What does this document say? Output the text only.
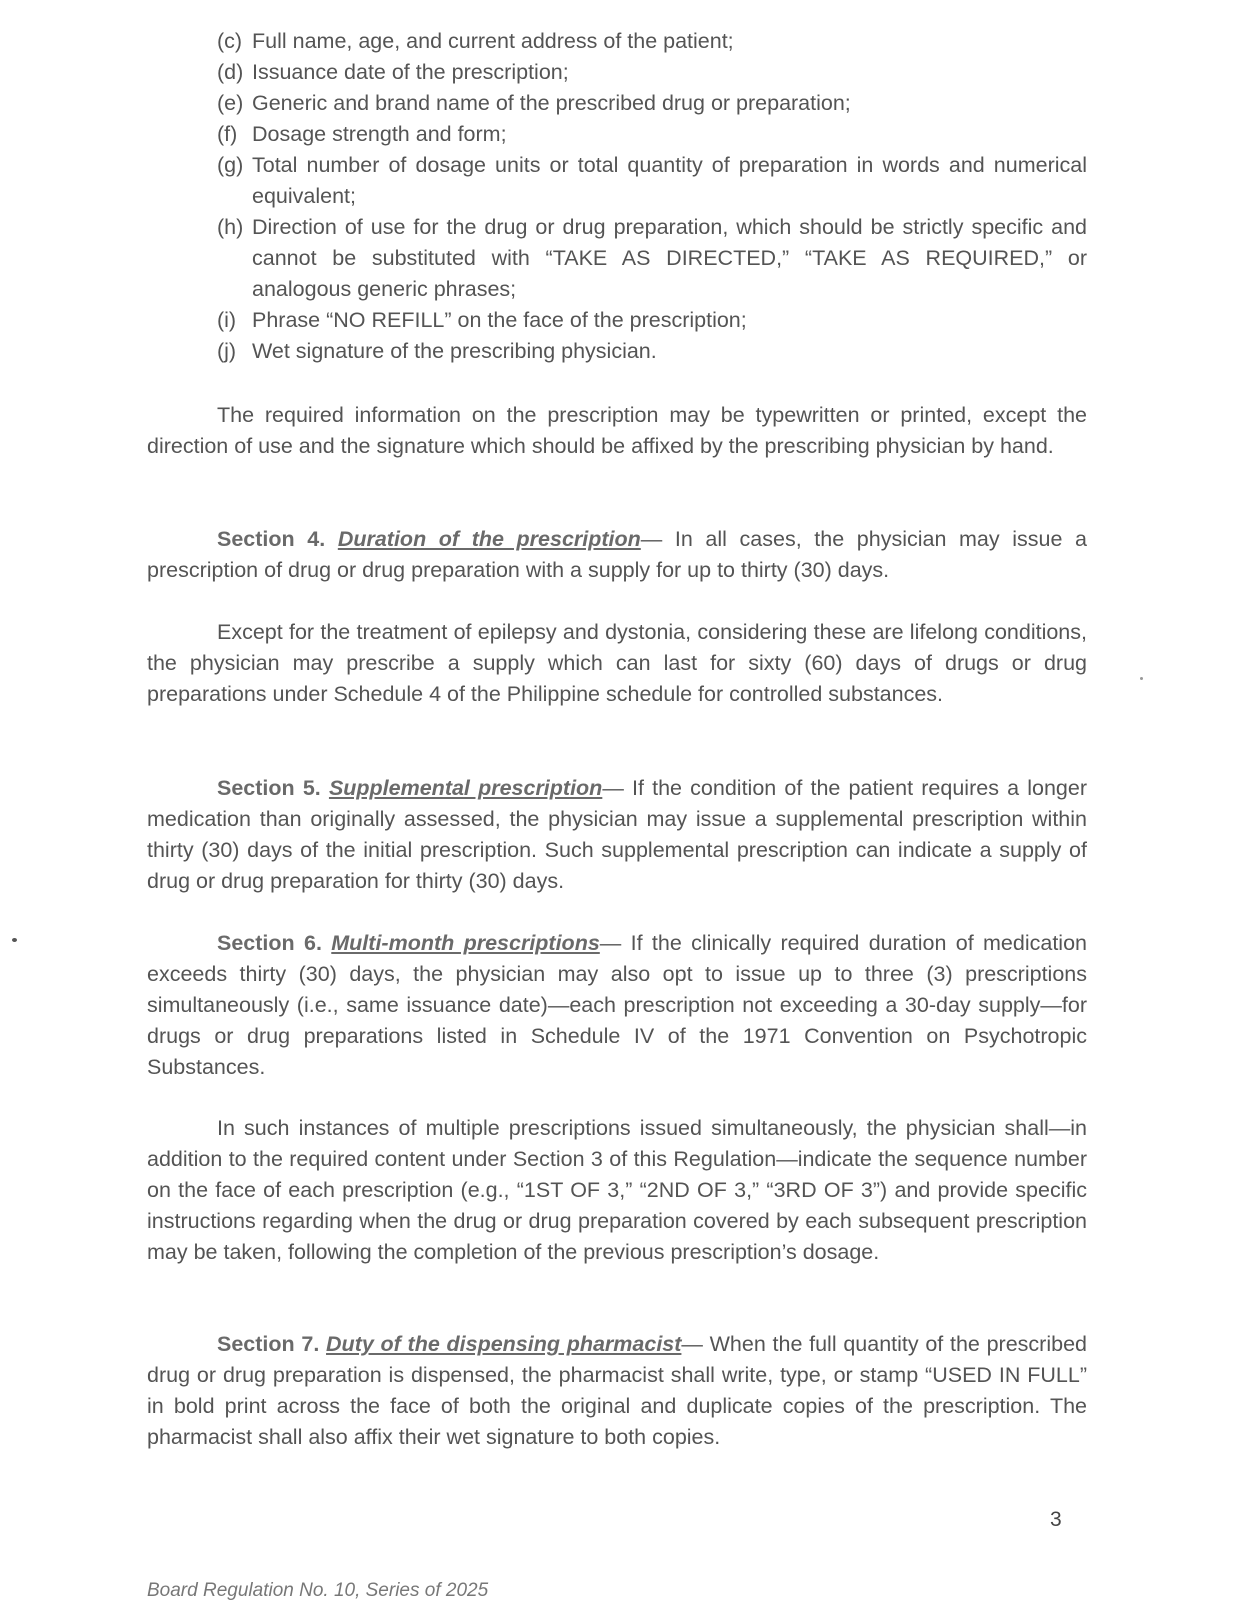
(c) Full name, age, and current address of the patient;
(d) Issuance date of the prescription;
(e) Generic and brand name of the prescribed drug or preparation;
(f) Dosage strength and form;
(g) Total number of dosage units or total quantity of preparation in words and numerical equivalent;
(h) Direction of use for the drug or drug preparation, which should be strictly specific and cannot be substituted with “TAKE AS DIRECTED,” “TAKE AS REQUIRED,” or analogous generic phrases;
(i) Phrase “NO REFILL” on the face of the prescription;
(j) Wet signature of the prescribing physician.

The required information on the prescription may be typewritten or printed, except the direction of use and the signature which should be affixed by the prescribing physician by hand.

Section 4. Duration of the prescription— In all cases, the physician may issue a prescription of drug or drug preparation with a supply for up to thirty (30) days.

Except for the treatment of epilepsy and dystonia, considering these are lifelong conditions, the physician may prescribe a supply which can last for sixty (60) days of drugs or drug preparations under Schedule 4 of the Philippine schedule for controlled substances.

Section 5. Supplemental prescription— If the condition of the patient requires a longer medication than originally assessed, the physician may issue a supplemental prescription within thirty (30) days of the initial prescription. Such supplemental prescription can indicate a supply of drug or drug preparation for thirty (30) days.

Section 6. Multi-month prescriptions— If the clinically required duration of medication exceeds thirty (30) days, the physician may also opt to issue up to three (3) prescriptions simultaneously (i.e., same issuance date)—each prescription not exceeding a 30-day supply—for drugs or drug preparations listed in Schedule IV of the 1971 Convention on Psychotropic Substances.

In such instances of multiple prescriptions issued simultaneously, the physician shall—in addition to the required content under Section 3 of this Regulation—indicate the sequence number on the face of each prescription (e.g., “1ST OF 3,” “2ND OF 3,” “3RD OF 3”) and provide specific instructions regarding when the drug or drug preparation covered by each subsequent prescription may be taken, following the completion of the previous prescription’s dosage.

Section 7. Duty of the dispensing pharmacist— When the full quantity of the prescribed drug or drug preparation is dispensed, the pharmacist shall write, type, or stamp “USED IN FULL” in bold print across the face of both the original and duplicate copies of the prescription. The pharmacist shall also affix their wet signature to both copies.

3
Board Regulation No. 10, Series of 2025
